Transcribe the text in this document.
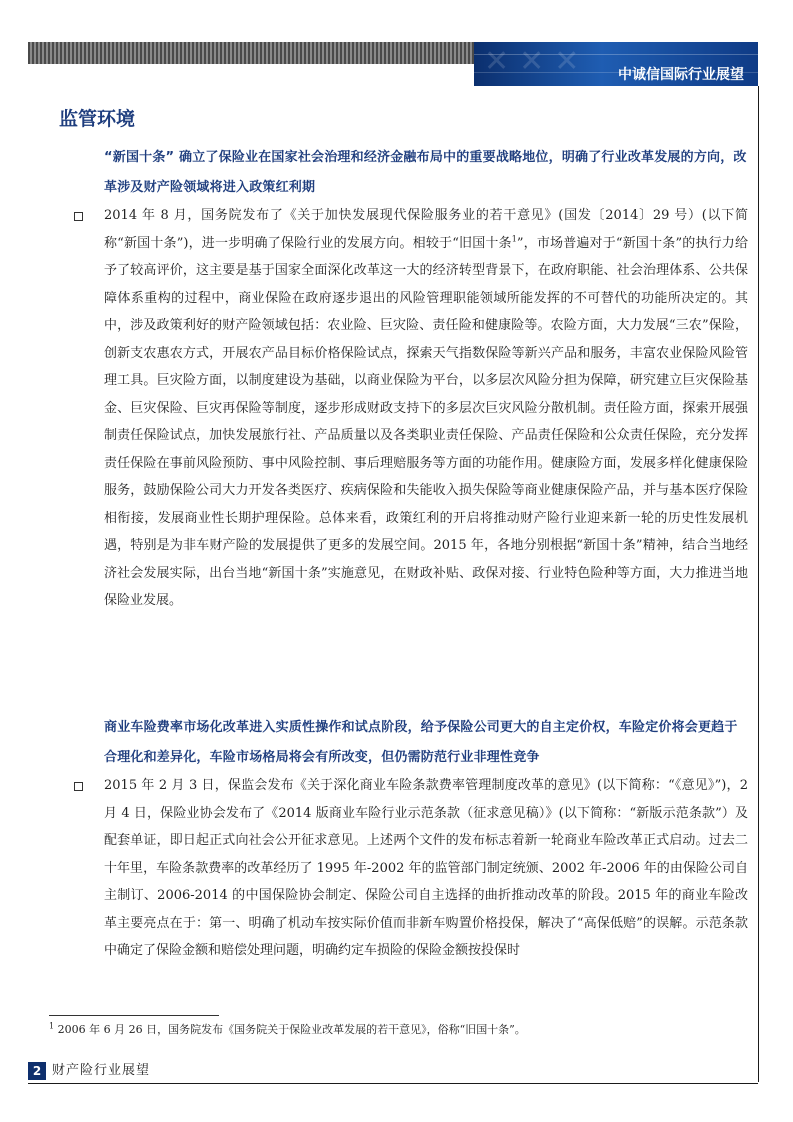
✕✕✕ 中诚信国际行业展望
监管环境
“新国十条” 确立了保险业在国家社会治理和经济金融布局中的重要战略地位，明确了行业改革发展的方向，改革涉及财产险领域将进入政策红利期
2014 年 8 月，国务院发布了《关于加快发展现代保险服务业的若干意见》(国发〔2014〕29 号）(以下简称“新国十条”)，进一步明确了保险行业的发展方向。相较于“旧国十条$^1$”，市场普遍对于“新国十条”的执行力给予了较高评价，这主要是基于国家全面深化改革这一大的经济转型背景下，在政府职能、社会治理体系、公共保障体系重构的过程中，商业保险在政府逐步退出的风险管理职能领域所能发挥的不可替代的功能所决定的。其中，涉及政策利好的财产险领域包括：农业险、巨灾险、责任险和健康险等。农险方面，大力发展“三农”保险，创新支农惠农方式，开展农产品目标价格保险试点，探索天气指数保险等新兴产品和服务，丰富农业保险风险管理工具。巨灾险方面，以制度建设为基础，以商业保险为平台，以多层次风险分担为保障，研究建立巨灾保险基金、巨灾保险、巨灾再保险等制度，逐步形成财政支持下的多层次巨灾风险分散机制。责任险方面，探索开展强制责任保险试点，加快发展旅行社、产品质量以及各类职业责任保险、产品责任保险和公众责任保险，充分发挥责任保险在事前风险预防、事中风险控制、事后理赔服务等方面的功能作用。健康险方面，发展多样化健康保险服务，鼓励保险公司大力开发各类医疗、疾病保险和失能收入损失保险等商业健康保险产品，并与基本医疗保险相衔接，发展商业性长期护理保险。总体来看，政策红利的开启将推动财产险行业迎来新一轮的历史性发展机遇，特别是为非车财产险的发展提供了更多的发展空间。2015 年，各地分别根据“新国十条”精神，结合当地经济社会发展实际，出台当地“新国十条”实施意见，在财政补贴、政保对接、行业特色险种等方面，大力推进当地保险业发展。
商业车险费率市场化改革进入实质性操作和试点阶段，给予保险公司更大的自主定价权，车险定价将会更趋于合理化和差异化，车险市场格局将会有所改变，但仍需防范行业非理性竞争
2015 年 2 月 3 日，保监会发布《关于深化商业车险条款费率管理制度改革的意见》(以下简称：“《意见》”)，2 月 4 日，保险业协会发布了《2014 版商业车险行业示范条款（征求意见稿）》(以下简称：“新版示范条款”）及配套单证，即日起正式向社会公开征求意见。上述两个文件的发布标志着新一轮商业车险改革正式启动。过去二十年里，车险条款费率的改革经历了 1995 年-2002 年的监管部门制定统颁、2002 年-2006 年的由保险公司自主制订、2006-2014 的中国保险协会制定、保险公司自主选择的曲折推动改革的阶段。2015 年的商业车险改革主要亮点在于：第一、明确了机动车按实际价值而非新车购置价格投保，解决了“高保低赔”的误解。示范条款中确定了保险金额和赔偿处理问题，明确约定车损险的保险金额按投保时
$^1$ 2006 年 6 月 26 日，国务院发布《国务院关于保险业改革发展的若干意见》，俗称“旧国十条”。
2 财产险行业展望
